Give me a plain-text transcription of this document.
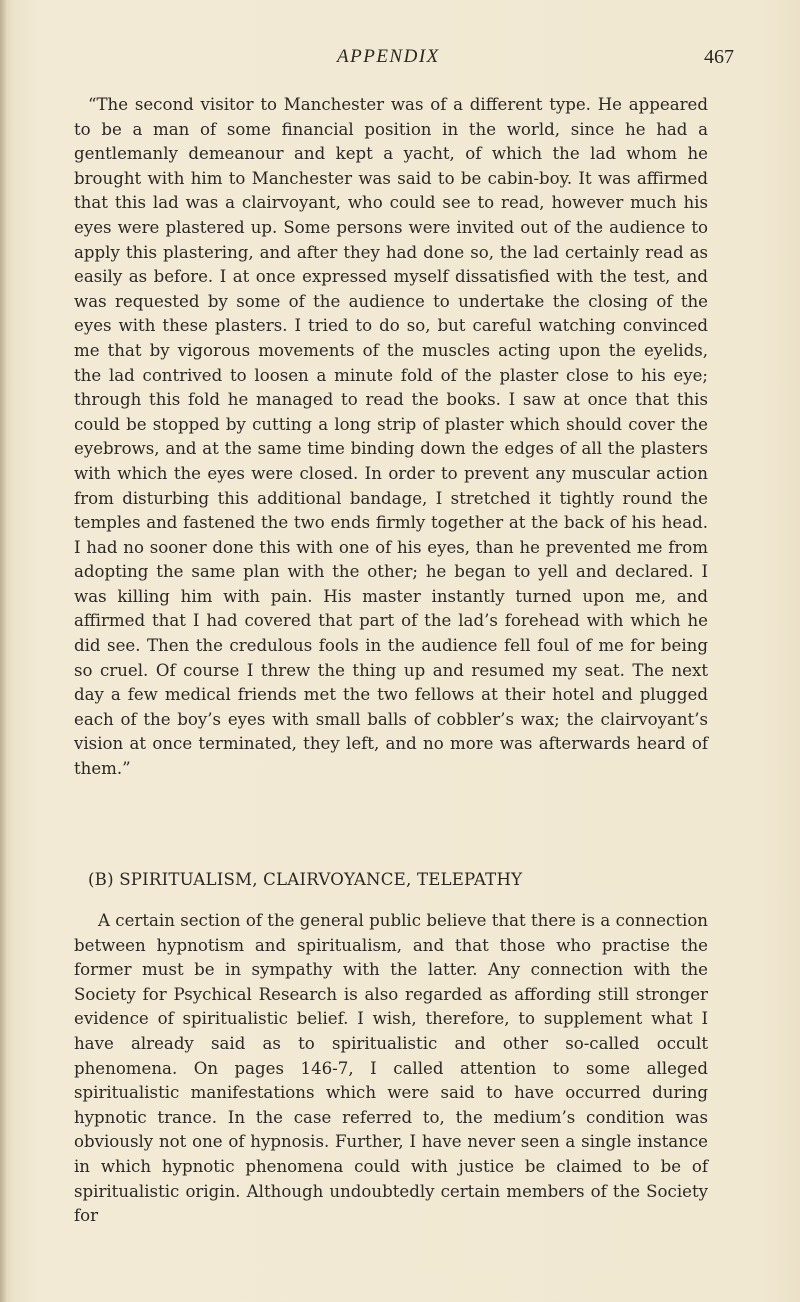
APPENDIX	467

“The second visitor to Manchester was of a different type. He appeared to be a man of some financial position in the world, since he had a gentlemanly demeanour and kept a yacht, of which the lad whom he brought with him to Manchester was said to be cabin-boy. It was affirmed that this lad was a clairvoyant, who could see to read, however much his eyes were plastered up. Some persons were invited out of the audience to apply this plastering, and after they had done so, the lad certainly read as easily as before. I at once expressed myself dissatisfied with the test, and was requested by some of the audience to undertake the closing of the eyes with these plasters. I tried to do so, but careful watching convinced me that by vigorous movements of the muscles acting upon the eyelids, the lad contrived to loosen a minute fold of the plaster close to his eye; through this fold he managed to read the books. I saw at once that this could be stopped by cutting a long strip of plaster which should cover the eyebrows, and at the same time binding down the edges of all the plasters with which the eyes were closed. In order to prevent any muscular action from disturbing this additional bandage, I stretched it tightly round the temples and fastened the two ends firmly together at the back of his head. I had no sooner done this with one of his eyes, than he prevented me from adopting the same plan with the other; he began to yell and declared. I was killing him with pain. His master instantly turned upon me, and affirmed that I had covered that part of the lad’s forehead with which he did see. Then the credulous fools in the audience fell foul of me for being so cruel. Of course I threw the thing up and resumed my seat. The next day a few medical friends met the two fellows at their hotel and plugged each of the boy’s eyes with small balls of cobbler’s wax; the clairvoyant’s vision at once terminated, they left, and no more was afterwards heard of them.”

(B) SPIRITUALISM, CLAIRVOYANCE, TELEPATHY

A certain section of the general public believe that there is a connection between hypnotism and spiritualism, and that those who practise the former must be in sympathy with the latter. Any connection with the Society for Psychical Research is also regarded as affording still stronger evidence of spiritualistic belief. I wish, therefore, to supplement what I have already said as to spiritualistic and other so-called occult phenomena. On pages 146-7, I called attention to some alleged spiritualistic manifestations which were said to have occurred during hypnotic trance. In the case referred to, the medium’s condition was obviously not one of hypnosis. Further, I have never seen a single instance in which hypnotic phenomena could with justice be claimed to be of spiritualistic origin. Although undoubtedly certain members of the Society for
